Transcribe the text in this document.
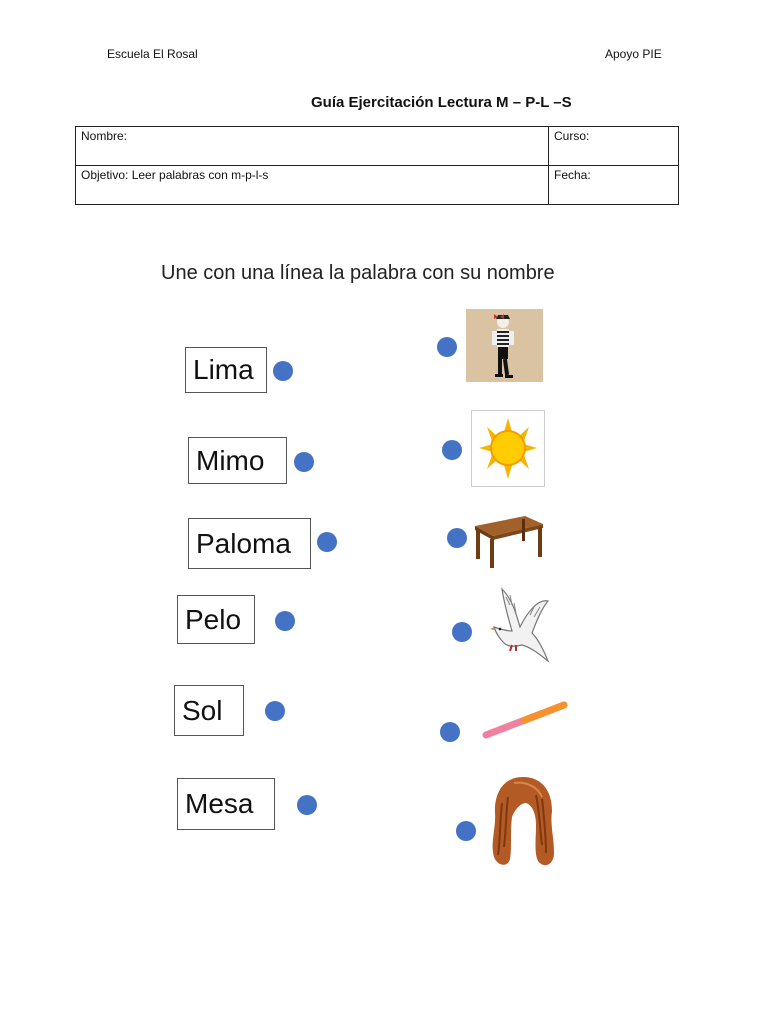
Escuela El Rosal	Apoyo PIE
Guía Ejercitación Lectura M – P-L –S
Nombre:	Curso:
Objetivo: Leer palabras con m-p-l-s	Fecha:
Une con una línea la palabra con su nombre
Lima
Mimo
Paloma
Pelo
Sol
Mesa
